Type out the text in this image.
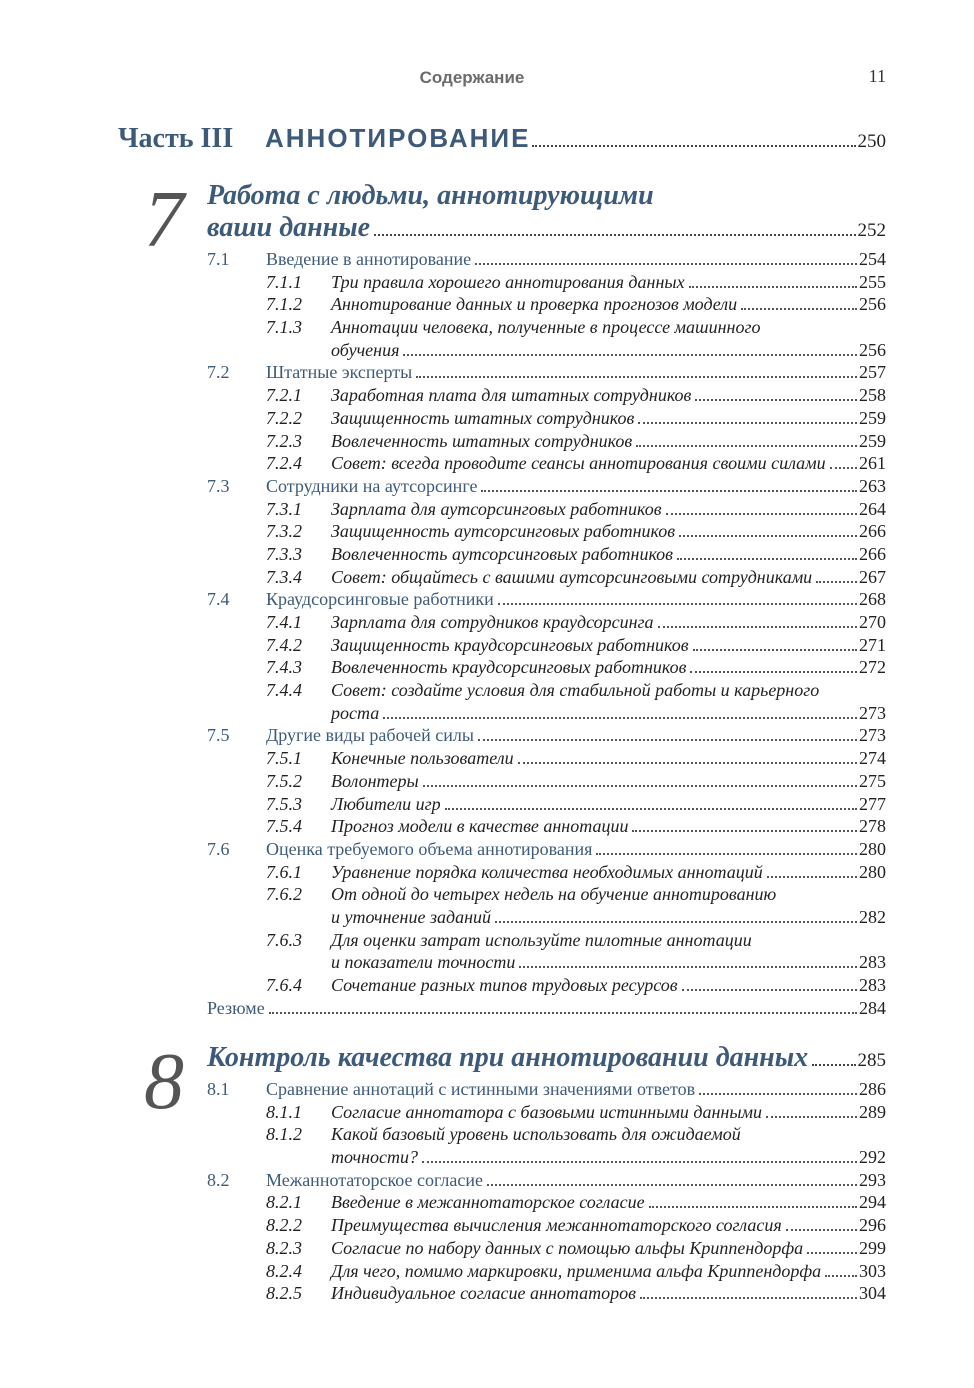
Содержание	11
Часть III	АННОТИРОВАНИЕ	250
7 Работа с людьми, аннотирующими
ваши данные	252
7.1 Введение в аннотирование	254
7.1.1 Три правила хорошего аннотирования данных	255
7.1.2 Аннотирование данных и проверка прогнозов модели	256
7.1.3 Аннотации человека, полученные в процессе машинного
обучения	256
7.2 Штатные эксперты	257
7.2.1 Заработная плата для штатных сотрудников	258
7.2.2 Защищенность штатных сотрудников	259
7.2.3 Вовлеченность штатных сотрудников	259
7.2.4 Совет: всегда проводите сеансы аннотирования своими силами 261
7.3 Сотрудники на аутсорсинге	263
7.3.1 Зарплата для аутсорсинговых работников	264
7.3.2 Защищенность аутсорсинговых работников	266
7.3.3 Вовлеченность аутсорсинговых работников	266
7.3.4 Совет: общайтесь с вашими аутсорсинговыми сотрудниками	267
7.4 Краудсорсинговые работники	268
7.4.1 Зарплата для сотрудников краудсорсинга	270
7.4.2 Защищенность краудсорсинговых работников	271
7.4.3 Вовлеченность краудсорсинговых работников	272
7.4.4 Совет: создайте условия для стабильной работы и карьерного
роста	273
7.5 Другие виды рабочей силы	273
7.5.1 Конечные пользователи	274
7.5.2 Волонтеры	275
7.5.3 Любители игр	277
7.5.4 Прогноз модели в качестве аннотации	278
7.6 Оценка требуемого объема аннотирования	280
7.6.1 Уравнение порядка количества необходимых аннотаций	280
7.6.2 От одной до четырех недель на обучение аннотированию
и уточнение заданий	282
7.6.3 Для оценки затрат используйте пилотные аннотации
и показатели точности	283
7.6.4 Сочетание разных типов трудовых ресурсов	283
Резюме	284
8 Контроль качества при аннотировании данных	285
8.1 Сравнение аннотаций с истинными значениями ответов	286
8.1.1 Согласие аннотатора с базовыми истинными данными	289
8.1.2 Какой базовый уровень использовать для ожидаемой
точности?	292
8.2 Межаннотаторское согласие	293
8.2.1 Введение в межаннотаторское согласие	294
8.2.2 Преимущества вычисления межаннотаторского согласия	296
8.2.3 Согласие по набору данных с помощью альфы Криппендорфа	299
8.2.4 Для чего, помимо маркировки, применима альфа Криппендорфа 303
8.2.5 Индивидуальное согласие аннотаторов	304
